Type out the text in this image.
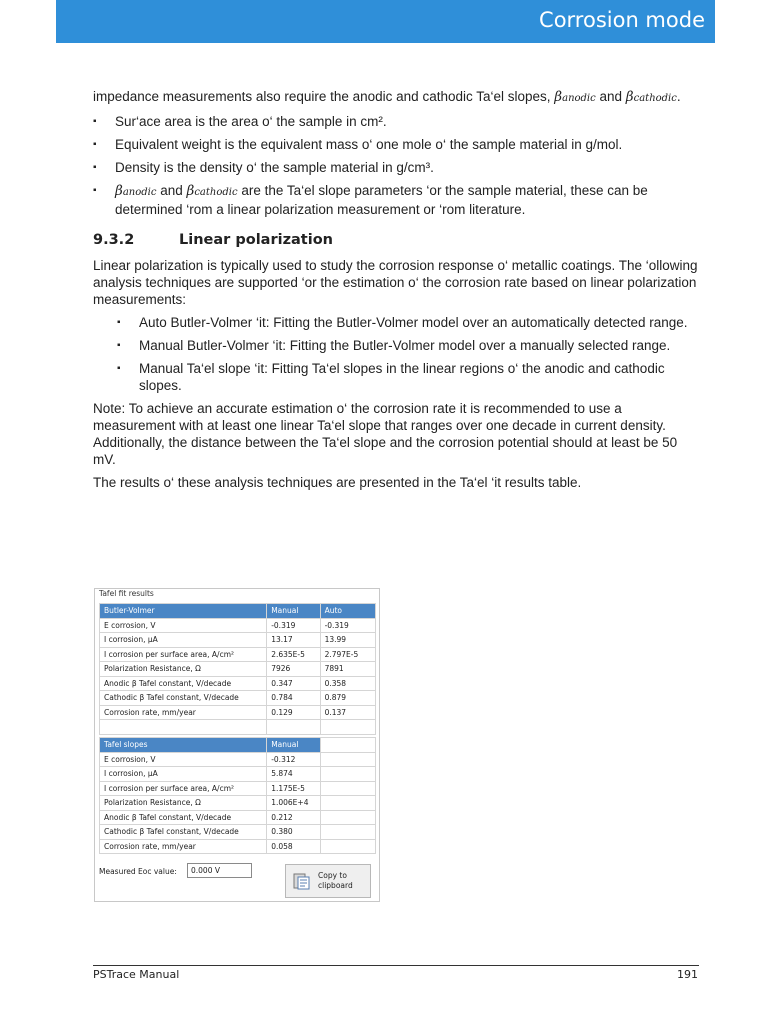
Corrosion mode

impedance measurements also require the anodic and cathodic Ta‘el slopes, βanodic and βcathodic.

▪ Sur‘ace area is the area o‘ the sample in cm².
▪ Equivalent weight is the equivalent mass o‘ one mole o‘ the sample material in g/mol.
▪ Density is the density o‘ the sample material in g/cm³.
▪ βanodic and βcathodic are the Ta‘el slope parameters ‘or the sample material, these can be determined ‘rom a linear polarization measurement or ‘rom literature.
9.3.2	Linear polarization

Linear polarization is typically used to study the corrosion response o‘ metallic coatings. The ‘ollowing analysis techniques are supported ‘or the estimation o‘ the corrosion rate based on linear polarization measurements:

▪ Auto Butler-Volmer ‘it: Fitting the Butler-Volmer model over an automatically detected range.
▪ Manual Butler-Volmer ‘it: Fitting the Butler-Volmer model over a manually selected range.
▪ Manual Ta‘el slope ‘it: Fitting Ta‘el slopes in the linear regions o‘ the anodic and cathodic slopes.

Note: To achieve an accurate estimation o‘ the corrosion rate it is recommended to use a measurement with at least one linear Ta‘el slope that ranges over one decade in current density. Additionally, the distance between the Ta‘el slope and the corrosion potential should at least be 50 mV.

The results o‘ these analysis techniques are presented in the Ta‘el ‘it results table.

Tafel fit results
Butler-Volmer	Manual	Auto
E corrosion, V	-0.319	-0.319
I corrosion, µA	13.17	13.99
I corrosion per surface area, A/cm²	2.635E-5	2.797E-5
Polarization Resistance, Ω	7926	7891
Anodic β Tafel constant, V/decade	0.347	0.358
Cathodic β Tafel constant, V/decade	0.784	0.879
Corrosion rate, mm/year	0.129	0.137

Tafel slopes	Manual	
E corrosion, V	-0.312	
I corrosion, µA	5.874	
I corrosion per surface area, A/cm²	1.175E-5	
Polarization Resistance, Ω	1.006E+4	
Anodic β Tafel constant, V/decade	0.212	
Cathodic β Tafel constant, V/decade	0.380	
Corrosion rate, mm/year	0.058	
Measured Eoc value:	0.000 V
Copy to clipboard
PSTrace Manual	191
